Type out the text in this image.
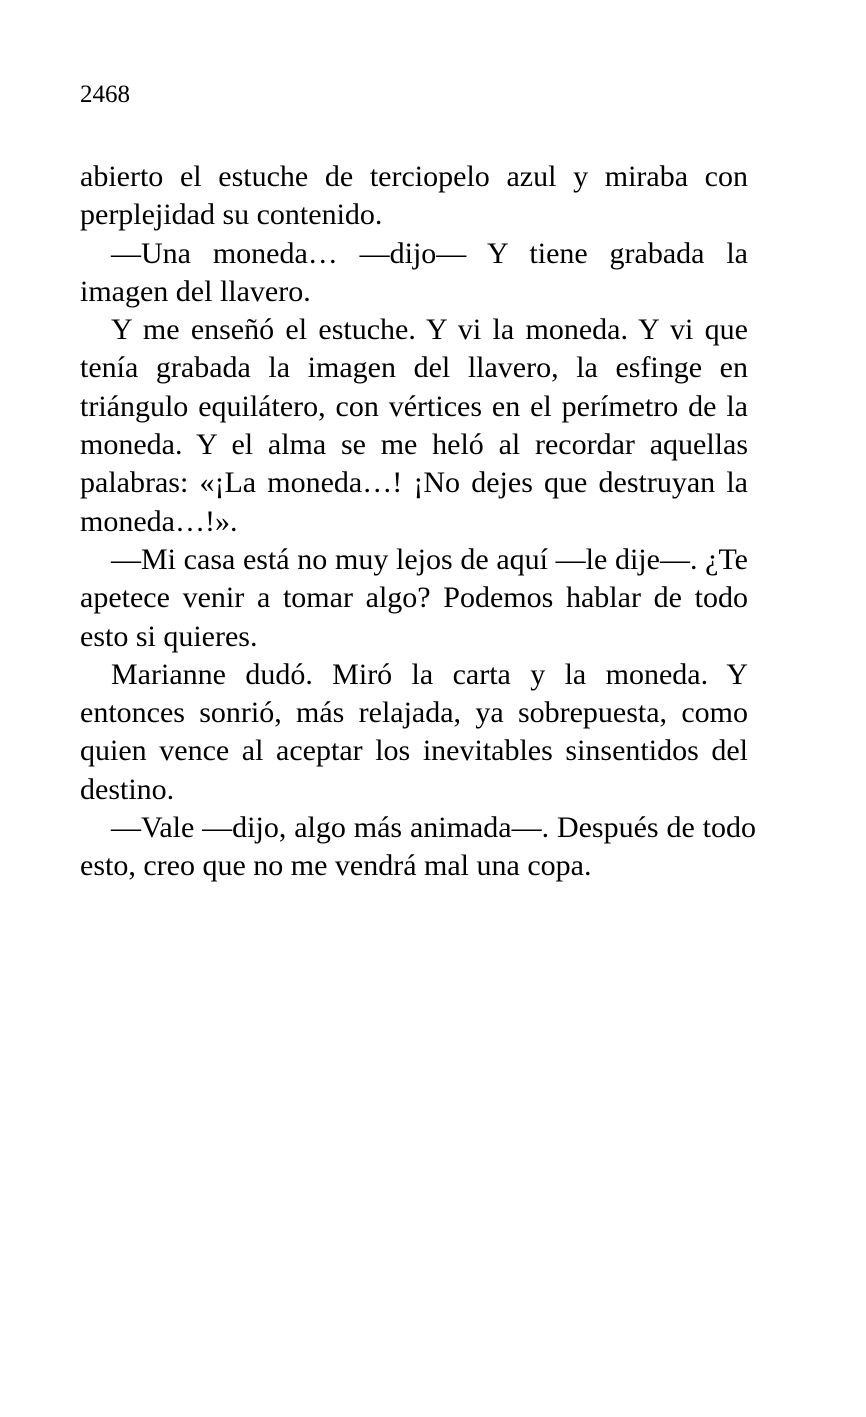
2468

abierto el estuche de terciopelo azul y miraba con perplejidad su contenido.

—Una moneda… —dijo— Y tiene grabada la imagen del llavero.

Y me enseñó el estuche. Y vi la moneda. Y vi que tenía grabada la imagen del llavero, la esfinge en triángulo equilátero, con vértices en el perímetro de la moneda. Y el alma se me heló al recordar aquellas palabras: «¡La moneda…! ¡No dejes que destruyan la moneda…!».

—Mi casa está no muy lejos de aquí —le dije—. ¿Te apetece venir a tomar algo? Podemos hablar de todo esto si quieres.

Marianne dudó. Miró la carta y la moneda. Y entonces sonrió, más relajada, ya sobrepuesta, como quien vence al aceptar los inevitables sinsentidos del destino.

—Vale —dijo, algo más animada—. Después de todo esto, creo que no me vendrá mal una copa.
